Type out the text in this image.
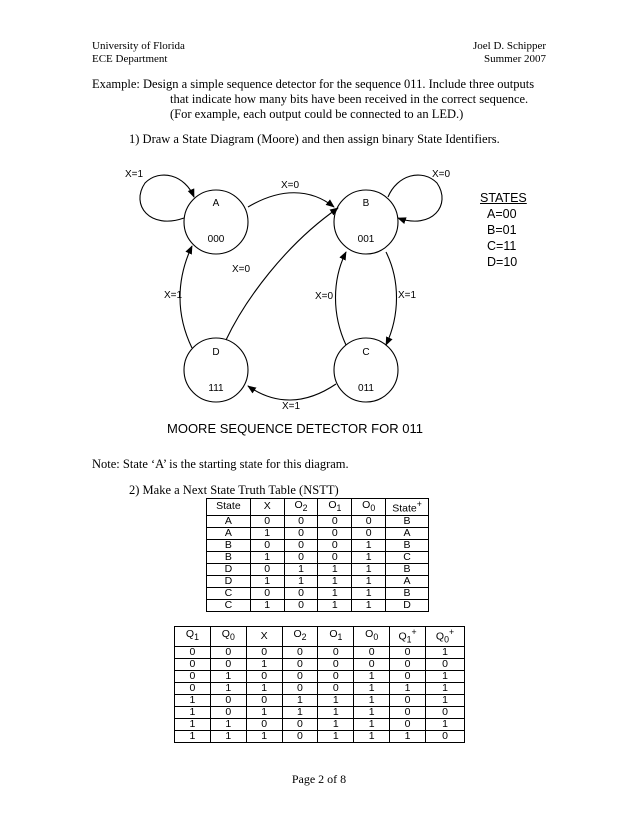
University of Florida
ECE Department
Joel D. Schipper
Summer 2007
Example: Design a simple sequence detector for the sequence 011. Include three outputs
that indicate how many bits have been received in the correct sequence.
(For example, each output could be connected to an LED.)
1) Draw a State Diagram (Moore) and then assign binary State Identifiers.
A
000
B
001
C
011
D
111
X=1	X=0
X=0
X=0
X=1	X=0	X=1
X=1
STATES
A=00
B=01
C=11
D=10
MOORE SEQUENCE DETECTOR FOR 011
Note: State ‘A’ is the starting state for this diagram.
2) Make a Next State Truth Table (NSTT)
State	X	$O_2$	$O_1$	$O_0$	State+
A	0	0	0	0	B
A	1	0	0	0	A
B	0	0	0	1	B
B	1	0	0	1	C
D	0	1	1	1	B
D	1	1	1	1	A
C	0	0	1	1	B
C	1	0	1	1	D
$Q_1$	$Q_0$	X	$O_2$	$O_1$	$O_0$	$Q_1^+$	$Q_0^+$
0	0	0	0	0	0	0	1
0	0	1	0	0	0	0	0
0	1	0	0	0	1	0	1
0	1	1	0	0	1	1	1
1	0	0	1	1	1	0	1
1	0	1	1	1	1	0	0
1	1	0	0	1	1	0	1
1	1	1	0	1	1	1	0
Page 2 of 8
